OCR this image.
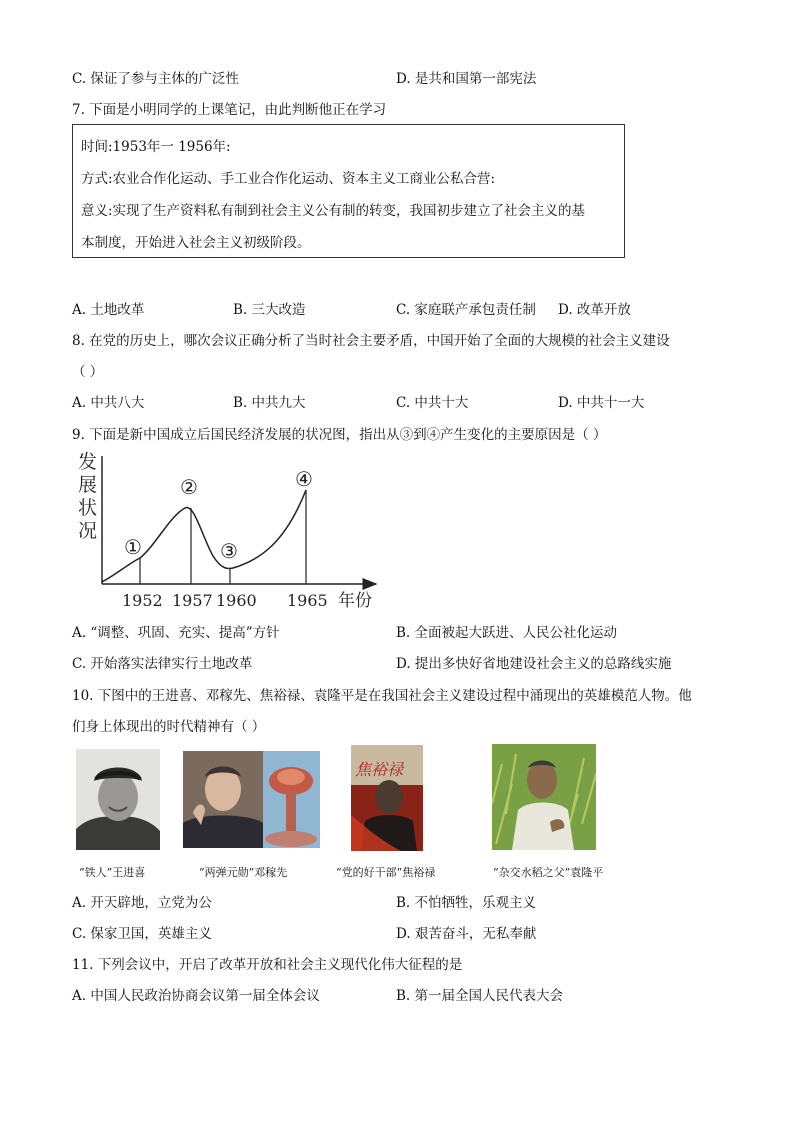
C. 保证了参与主体的广泛性	D. 是共和国第一部宪法
7. 下面是小明同学的上课笔记，由此判断他正在学习
时间:1953年一 1956年:
方式:农业合作化运动、手工业合作化运动、资本主义工商业公私合营:
意义:实现了生产资料私有制到社会主义公有制的转变，我国初步建立了社会主义的基
本制度，开始进入社会主义初级阶段。
A. 土地改革	B. 三大改造	C. 家庭联产承包责任制 D. 改革开放
8. 在党的历史上，哪次会议正确分析了当时社会主要矛盾，中国开始了全面的大规模的社会主义建设
（ ）
A. 中共八大	B. 中共九大	C. 中共十大	D. 中共十一大
9. 下面是新中国成立后国民经济发展的状况图，指出从③到④产生变化的主要原因是（ ）
发展状况
①
②
③
④
1952 1957 1960 1965 年份
A. “调整、巩固、充实、提高”方针	B. 全面被起大跃进、人民公社化运动
C. 开始落实法律实行土地改革	D. 提出多快好省地建设社会主义的总路线实施
10. 下图中的王进喜、邓稼先、焦裕禄、袁隆平是在我国社会主义建设过程中涌现出的英雄模范人物。他
们身上体现出的时代精神有（ ）
焦裕禄
“铁人”王进喜	“两弹元勋”邓稼先	“党的好干部”焦裕禄	“杂交水稻之父”袁隆平
A. 开天辟地，立党为公	B. 不怕牺牲，乐观主义
C. 保家卫国，英雄主义	D. 艰苦奋斗，无私奉献
11. 下列会议中，开启了改革开放和社会主义现代化伟大征程的是
A. 中国人民政治协商会议第一届全体会议	B. 第一届全国人民代表大会
